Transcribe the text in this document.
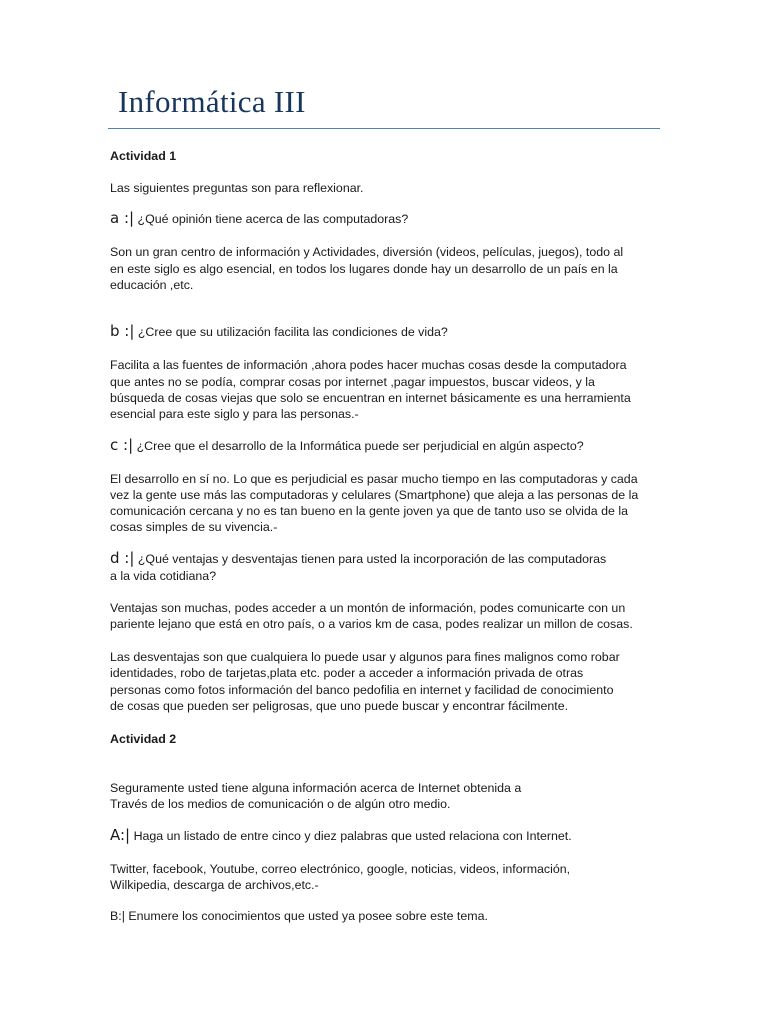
Informática III
Actividad 1
Las siguientes preguntas son para reflexionar.
a :| ¿Qué opinión tiene acerca de las computadoras?
Son un gran centro de información y Actividades, diversión (videos, películas, juegos), todo al
en este siglo es algo esencial, en todos los lugares donde hay un desarrollo de un país en la
educación ,etc.
b :| ¿Cree que su utilización facilita las condiciones de vida?
Facilita a las fuentes de información ,ahora podes hacer muchas cosas desde la computadora
que antes no se podía, comprar cosas por internet ,pagar impuestos, buscar videos, y la
búsqueda de cosas viejas que solo se encuentran en internet básicamente es una herramienta
esencial para este siglo y para las personas.-
c :| ¿Cree que el desarrollo de la Informática puede ser perjudicial en algún aspecto?
El desarrollo en sí no. Lo que es perjudicial es pasar mucho tiempo en las computadoras y cada
vez la gente use más las computadoras y celulares (Smartphone) que aleja a las personas de la
comunicación cercana y no es tan bueno en la gente joven ya que de tanto uso se olvida de la
cosas simples de su vivencia.-
d :| ¿Qué ventajas y desventajas tienen para usted la incorporación de las computadoras
a la vida cotidiana?
Ventajas son muchas, podes acceder a un montón de información, podes comunicarte con un
pariente lejano que está en otro país, o a varios km de casa, podes realizar un millon de cosas.
Las desventajas son que cualquiera lo puede usar y algunos para fines malignos como robar
identidades, robo de tarjetas,plata etc. poder a acceder a información privada de otras
personas como fotos información del banco pedofilia en internet y facilidad de conocimiento
de cosas que pueden ser peligrosas, que uno puede buscar y encontrar fácilmente.
Actividad 2
Seguramente usted tiene alguna información acerca de Internet obtenida a
Través de los medios de comunicación o de algún otro medio.
A:| Haga un listado de entre cinco y diez palabras que usted relaciona con Internet.
Twitter, facebook, Youtube, correo electrónico, google, noticias, videos, información,
Wilkipedia, descarga de archivos,etc.-
B:| Enumere los conocimientos que usted ya posee sobre este tema.
